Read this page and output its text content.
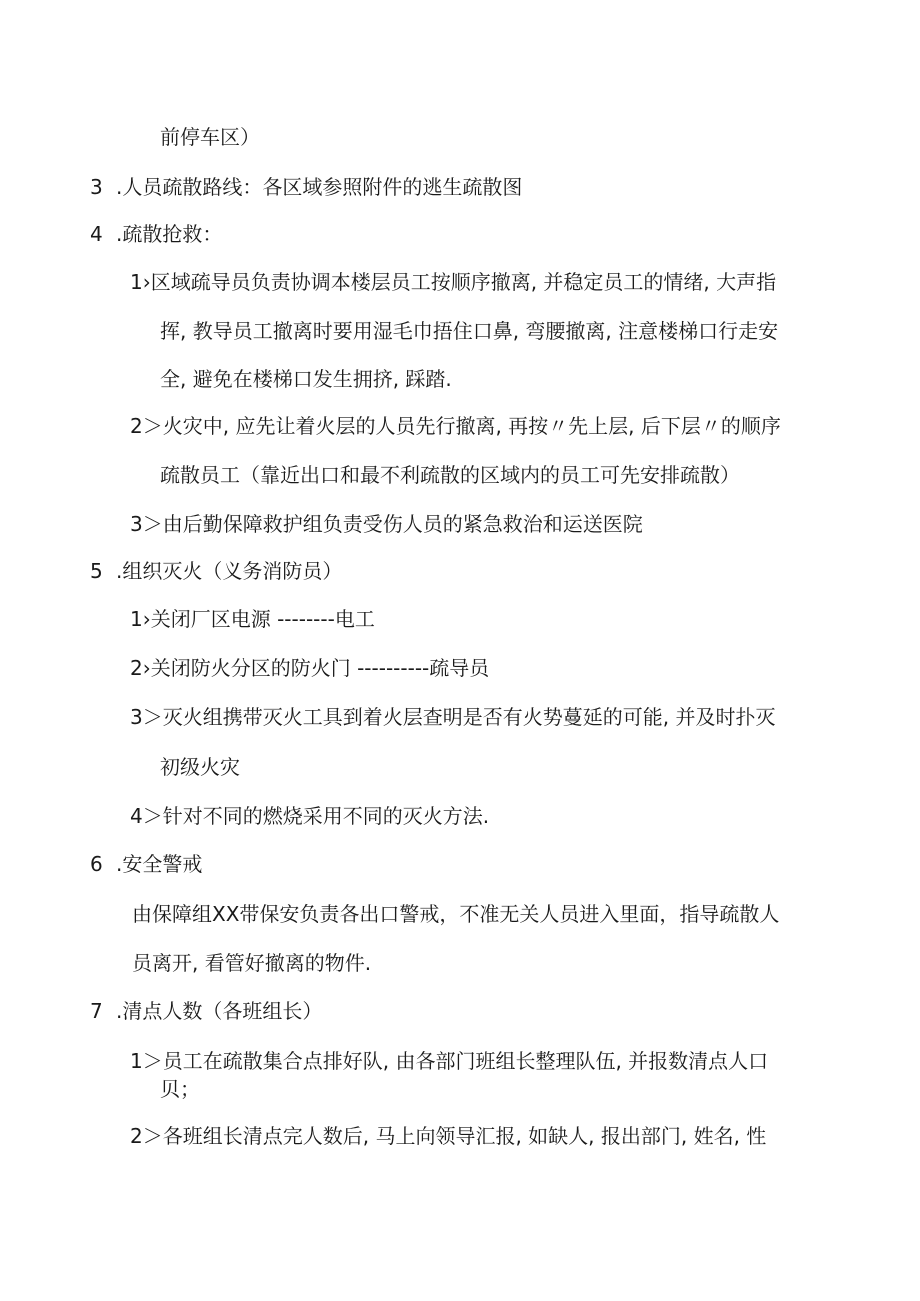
前停车区）
3 .人员疏散路线：各区域参照附件的逃生疏散图
4 .疏散抢救：
1›区域疏导员负责协调本楼层员工按顺序撤离, 并稳定员工的情绪, 大声指
挥, 教导员工撤离时要用湿毛巾捂住口鼻, 弯腰撤离, 注意楼梯口行走安
全, 避免在楼梯口发生拥挤, 踩踏.
2＞火灾中, 应先让着火层的人员先行撤离, 再按〃先上层, 后下层〃的顺序
疏散员工（靠近出口和最不利疏散的区域内的员工可先安排疏散）
3＞由后勤保障救护组负责受伤人员的紧急救治和运送医院
5 .组织灭火（义务消防员）
1›关闭厂区电源 --------电工
2›关闭防火分区的防火门 ----------疏导员
3＞灭火组携带灭火工具到着火层查明是否有火势蔓延的可能, 并及时扑灭
初级火灾
4＞针对不同的燃烧采用不同的灭火方法.
6 .安全警戒
由保障组XX带保安负责各出口警戒，不准无关人员进入里面，指导疏散人
员离开, 看管好撤离的物件.
7 .清点人数（各班组长）
1＞员工在疏散集合点排好队, 由各部门班组长整理队伍, 并报数清点人口
贝；
2＞各班组长清点完人数后, 马上向领导汇报, 如缺人, 报出部门, 姓名, 性
